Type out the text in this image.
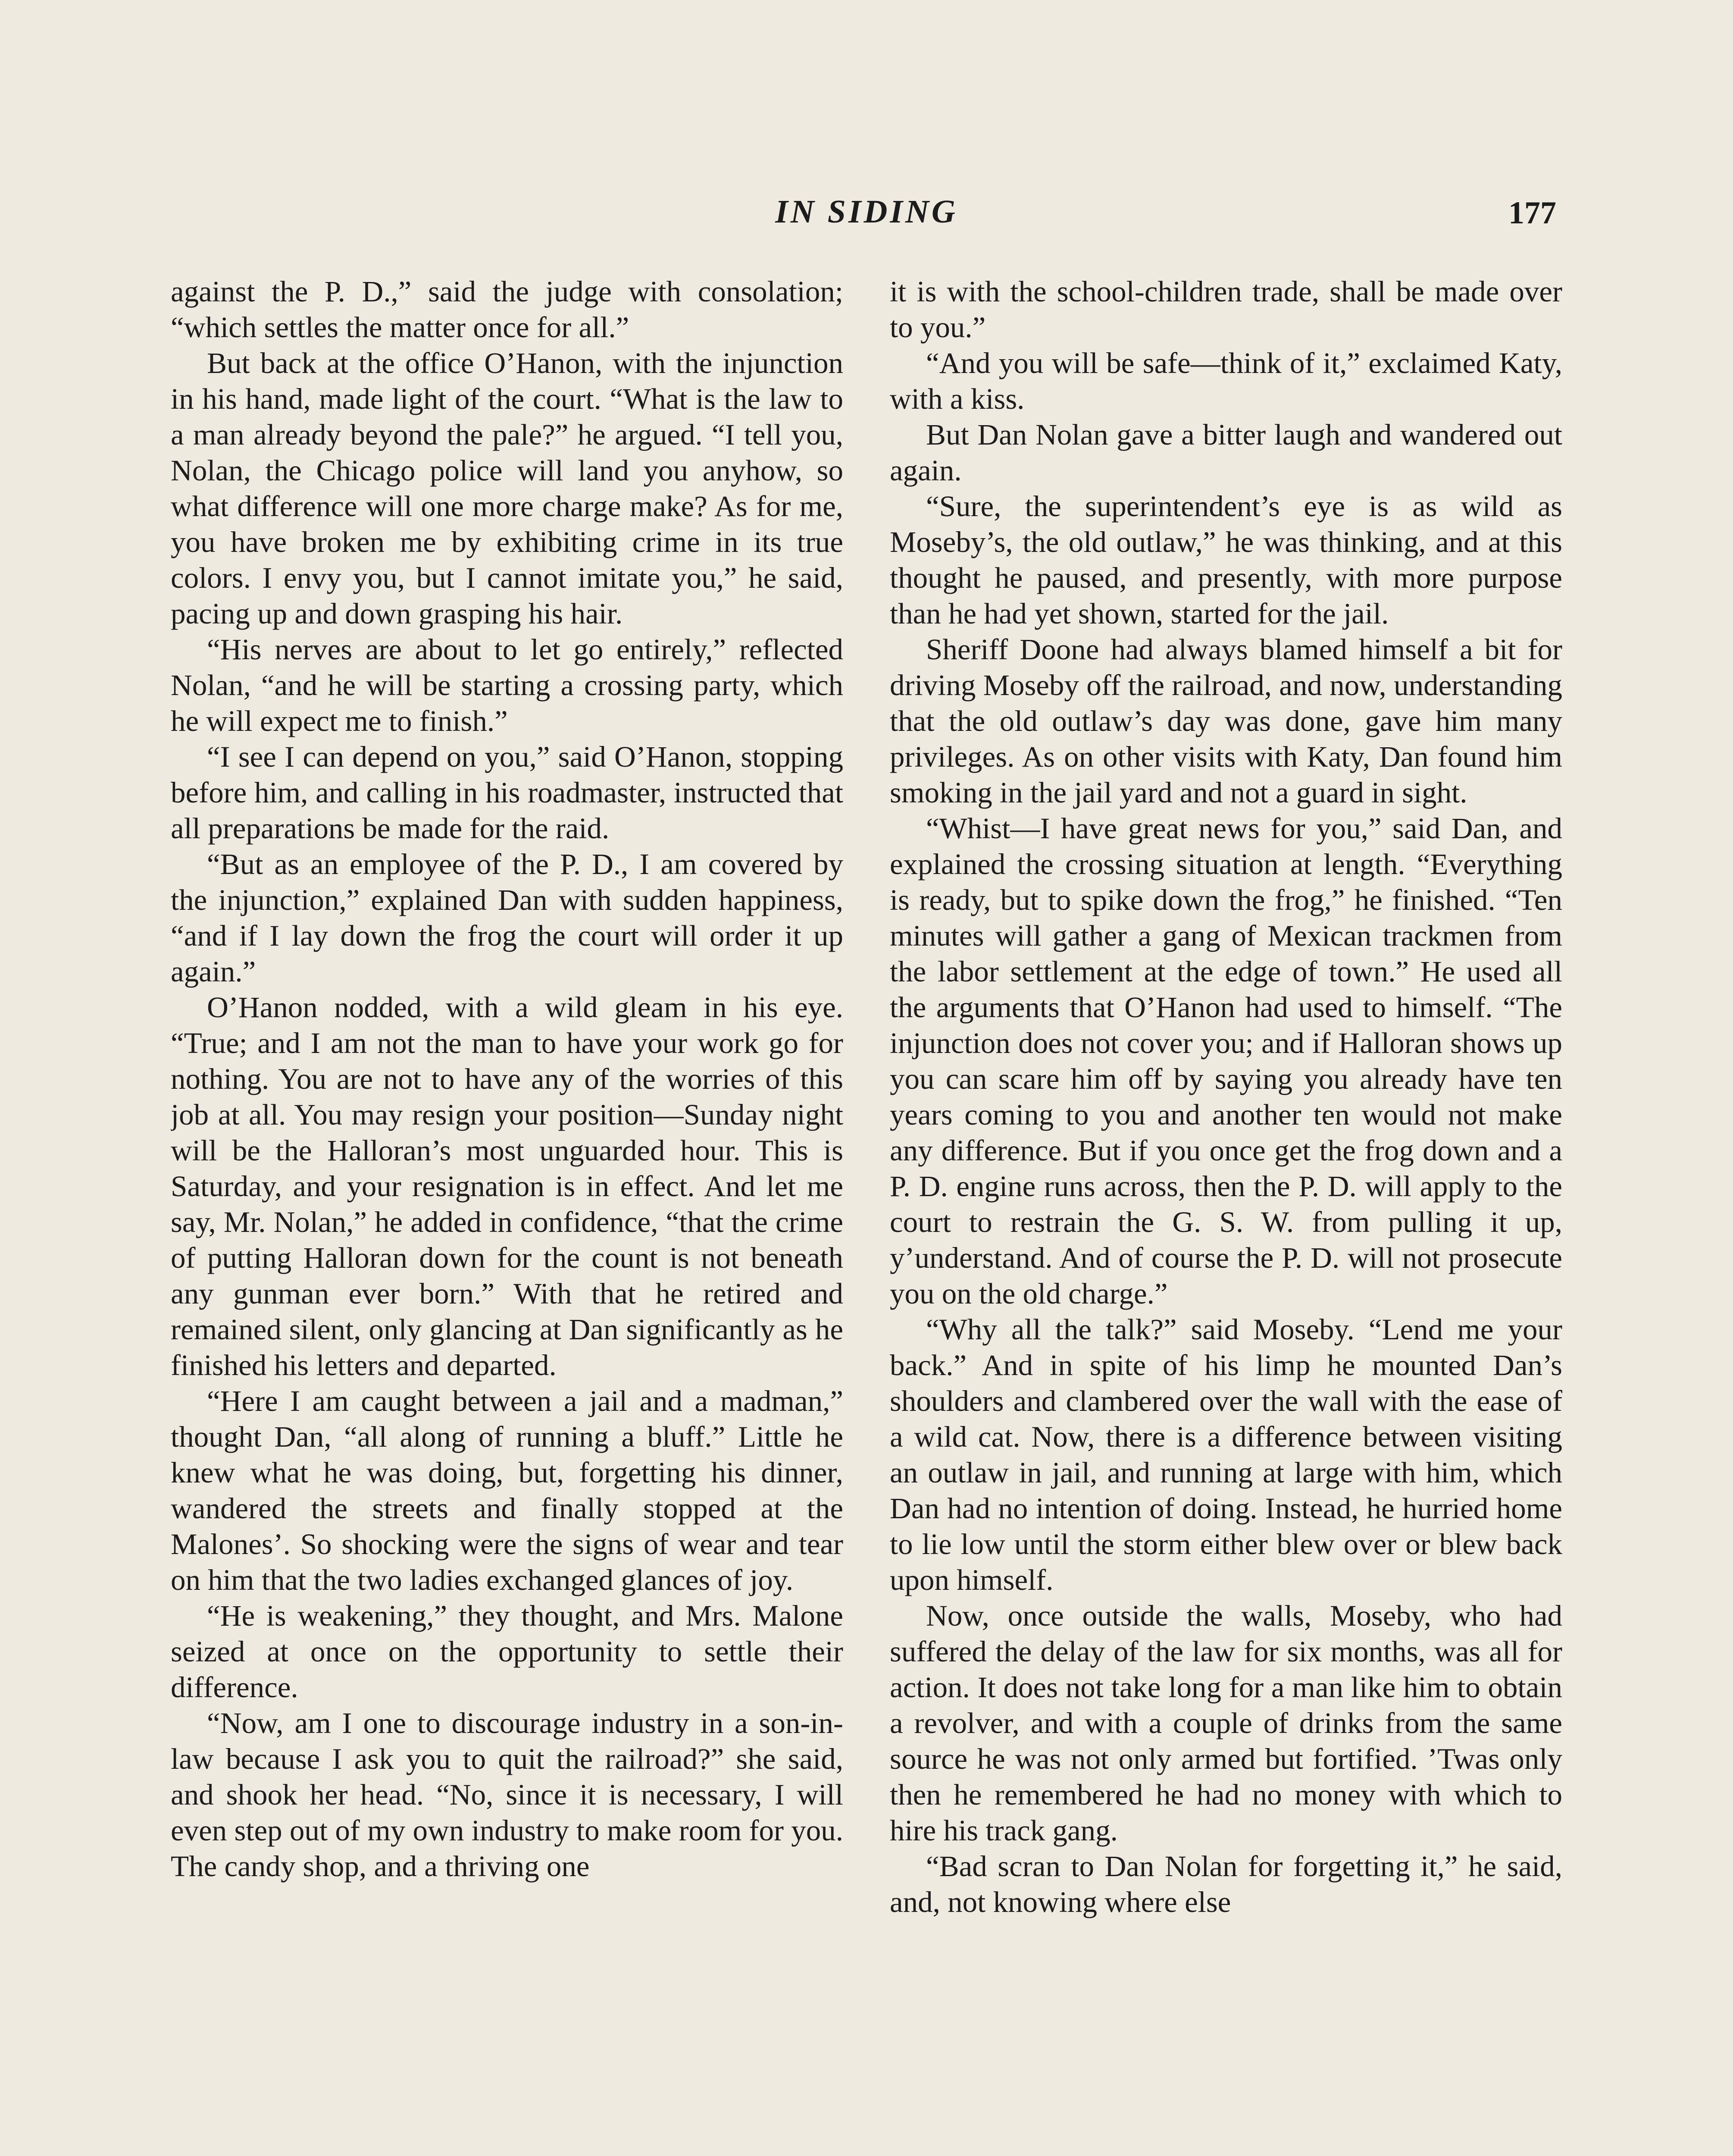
IN SIDING	177

against the P. D.,” said the judge with consolation; “which settles the matter once for all.”

But back at the office O’Hanon, with the injunction in his hand, made light of the court. “What is the law to a man already beyond the pale?” he argued. “I tell you, Nolan, the Chicago police will land you anyhow, so what difference will one more charge make? As for me, you have broken me by exhibiting crime in its true colors. I envy you, but I cannot imitate you,” he said, pacing up and down grasping his hair.

“His nerves are about to let go entirely,” reflected Nolan, “and he will be starting a crossing party, which he will expect me to finish.”

“I see I can depend on you,” said O’Hanon, stopping before him, and calling in his roadmaster, instructed that all preparations be made for the raid.

“But as an employee of the P. D., I am covered by the injunction,” explained Dan with sudden happiness, “and if I lay down the frog the court will order it up again.”

O’Hanon nodded, with a wild gleam in his eye. “True; and I am not the man to have your work go for nothing. You are not to have any of the worries of this job at all. You may resign your position—Sunday night will be the Halloran’s most unguarded hour. This is Saturday, and your resignation is in effect. And let me say, Mr. Nolan,” he added in confidence, “that the crime of putting Halloran down for the count is not beneath any gunman ever born.” With that he retired and remained silent, only glancing at Dan significantly as he finished his letters and departed.

“Here I am caught between a jail and a madman,” thought Dan, “all along of running a bluff.” Little he knew what he was doing, but, forgetting his dinner, wandered the streets and finally stopped at the Malones’. So shocking were the signs of wear and tear on him that the two ladies exchanged glances of joy.

“He is weakening,” they thought, and Mrs. Malone seized at once on the opportunity to settle their difference.

“Now, am I one to discourage industry in a son-in-law because I ask you to quit the railroad?” she said, and shook her head. “No, since it is necessary, I will even step out of my own industry to make room for you. The candy shop, and a thriving one

it is with the school-children trade, shall be made over to you.”

“And you will be safe—think of it,” exclaimed Katy, with a kiss.

But Dan Nolan gave a bitter laugh and wandered out again.

“Sure, the superintendent’s eye is as wild as Moseby’s, the old outlaw,” he was thinking, and at this thought he paused, and presently, with more purpose than he had yet shown, started for the jail.

Sheriff Doone had always blamed himself a bit for driving Moseby off the railroad, and now, understanding that the old outlaw’s day was done, gave him many privileges. As on other visits with Katy, Dan found him smoking in the jail yard and not a guard in sight.

“Whist—I have great news for you,” said Dan, and explained the crossing situation at length. “Everything is ready, but to spike down the frog,” he finished. “Ten minutes will gather a gang of Mexican trackmen from the labor settlement at the edge of town.” He used all the arguments that O’Hanon had used to himself. “The injunction does not cover you; and if Halloran shows up you can scare him off by saying you already have ten years coming to you and another ten would not make any difference. But if you once get the frog down and a P. D. engine runs across, then the P. D. will apply to the court to restrain the G. S. W. from pulling it up, y’understand. And of course the P. D. will not prosecute you on the old charge.”

“Why all the talk?” said Moseby. “Lend me your back.” And in spite of his limp he mounted Dan’s shoulders and clambered over the wall with the ease of a wild cat. Now, there is a difference between visiting an outlaw in jail, and running at large with him, which Dan had no intention of doing. Instead, he hurried home to lie low until the storm either blew over or blew back upon himself.

Now, once outside the walls, Moseby, who had suffered the delay of the law for six months, was all for action. It does not take long for a man like him to obtain a revolver, and with a couple of drinks from the same source he was not only armed but fortified. ’Twas only then he remembered he had no money with which to hire his track gang.

“Bad scran to Dan Nolan for forgetting it,” he said, and, not knowing where else
